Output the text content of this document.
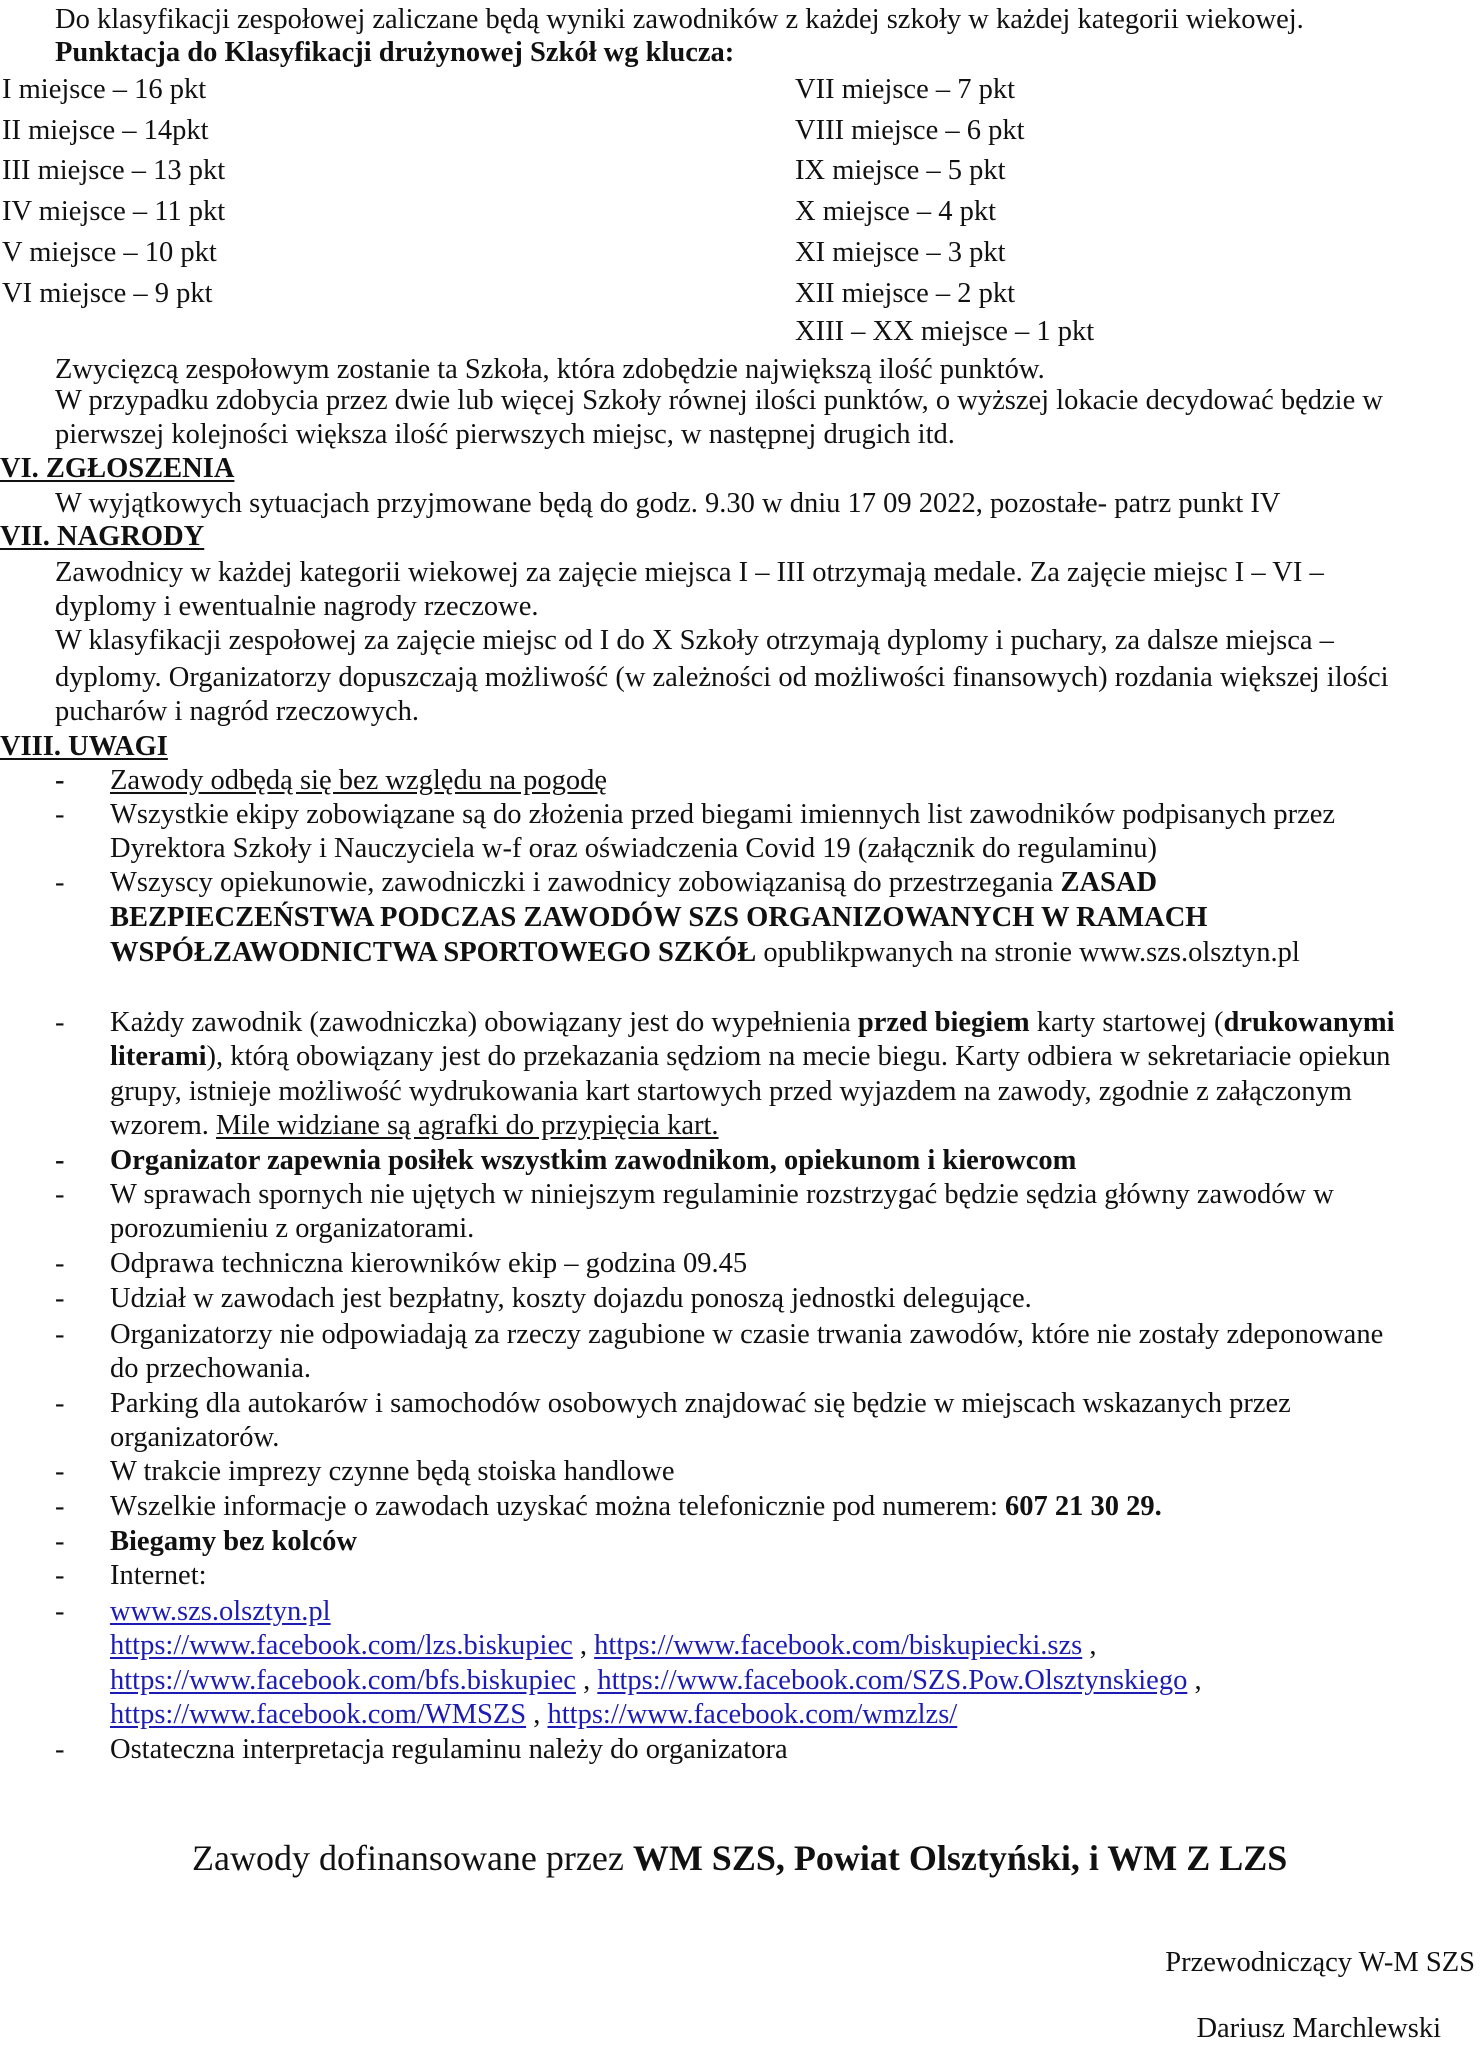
Do klasyfikacji zespołowej zaliczane będą wyniki zawodników z każdej szkoły w każdej kategorii wiekowej.
Punktacja do Klasyfikacji drużynowej Szkół wg klucza:
I miejsce – 16 pkt
II miejsce – 14pkt
III miejsce – 13 pkt
IV miejsce – 11 pkt
V miejsce – 10 pkt
VI miejsce – 9 pkt
VII miejsce – 7 pkt
VIII miejsce – 6 pkt
IX miejsce – 5 pkt
X miejsce – 4 pkt
XI miejsce – 3 pkt
XII miejsce – 2 pkt
XIII – XX miejsce – 1 pkt
Zwycięzcą zespołowym zostanie ta Szkoła, która zdobędzie największą ilość punktów.
W przypadku zdobycia przez dwie lub więcej Szkoły równej ilości punktów, o wyższej lokacie decydować będzie w
pierwszej kolejności większa ilość pierwszych miejsc, w następnej drugich itd.
VI. ZGŁOSZENIA
W wyjątkowych sytuacjach przyjmowane będą do godz. 9.30 w dniu 17 09 2022, pozostałe- patrz punkt IV
VII. NAGRODY
Zawodnicy w każdej kategorii wiekowej za zajęcie miejsca I – III otrzymają medale. Za zajęcie miejsc I – VI –
dyplomy i ewentualnie nagrody rzeczowe.
W klasyfikacji zespołowej za zajęcie miejsc od I do X Szkoły otrzymają dyplomy i puchary, za dalsze miejsca –
dyplomy. Organizatorzy dopuszczają możliwość (w zależności od możliwości finansowych) rozdania większej ilości
pucharów i nagród rzeczowych.
VIII. UWAGI
- Zawody odbędą się bez względu na pogodę
- Wszystkie ekipy zobowiązane są do złożenia przed biegami imiennych list zawodników podpisanych przez
Dyrektora Szkoły i Nauczyciela w-f oraz oświadczenia Covid 19 (załącznik do regulaminu)
- Wszyscy opiekunowie, zawodniczki i zawodnicy zobowiązanisą do przestrzegania ZASAD
BEZPIECZEŃSTWA PODCZAS ZAWODÓW SZS ORGANIZOWANYCH W RAMACH
WSPÓŁZAWODNICTWA SPORTOWEGO SZKÓŁ opublikpwanych na stronie www.szs.olsztyn.pl
- Każdy zawodnik (zawodniczka) obowiązany jest do wypełnienia przed biegiem karty startowej (drukowanymi
literami), którą obowiązany jest do przekazania sędziom na mecie biegu. Karty odbiera w sekretariacie opiekun
grupy, istnieje możliwość wydrukowania kart startowych przed wyjazdem na zawody, zgodnie z załączonym
wzorem. Mile widziane są agrafki do przypięcia kart.
- Organizator zapewnia posiłek wszystkim zawodnikom, opiekunom i kierowcom
- W sprawach spornych nie ujętych w niniejszym regulaminie rozstrzygać będzie sędzia główny zawodów w
porozumieniu z organizatorami.
- Odprawa techniczna kierowników ekip – godzina 09.45
- Udział w zawodach jest bezpłatny, koszty dojazdu ponoszą jednostki delegujące.
- Organizatorzy nie odpowiadają za rzeczy zagubione w czasie trwania zawodów, które nie zostały zdeponowane
do przechowania.
- Parking dla autokarów i samochodów osobowych znajdować się będzie w miejscach wskazanych przez
organizatorów.
- W trakcie imprezy czynne będą stoiska handlowe
- Wszelkie informacje o zawodach uzyskać można telefonicznie pod numerem: 607 21 30 29.
- Biegamy bez kolców
- Internet:
- www.szs.olsztyn.pl
https://www.facebook.com/lzs.biskupiec , https://www.facebook.com/biskupiecki.szs ,
https://www.facebook.com/bfs.biskupiec , https://www.facebook.com/SZS.Pow.Olsztynskiego ,
https://www.facebook.com/WMSZS , https://www.facebook.com/wmzlzs/
- Ostateczna interpretacja regulaminu należy do organizatora
Zawody dofinansowane przez WM SZS, Powiat Olsztyński, i WM Z LZS
Przewodniczący W-M SZS
Dariusz Marchlewski
